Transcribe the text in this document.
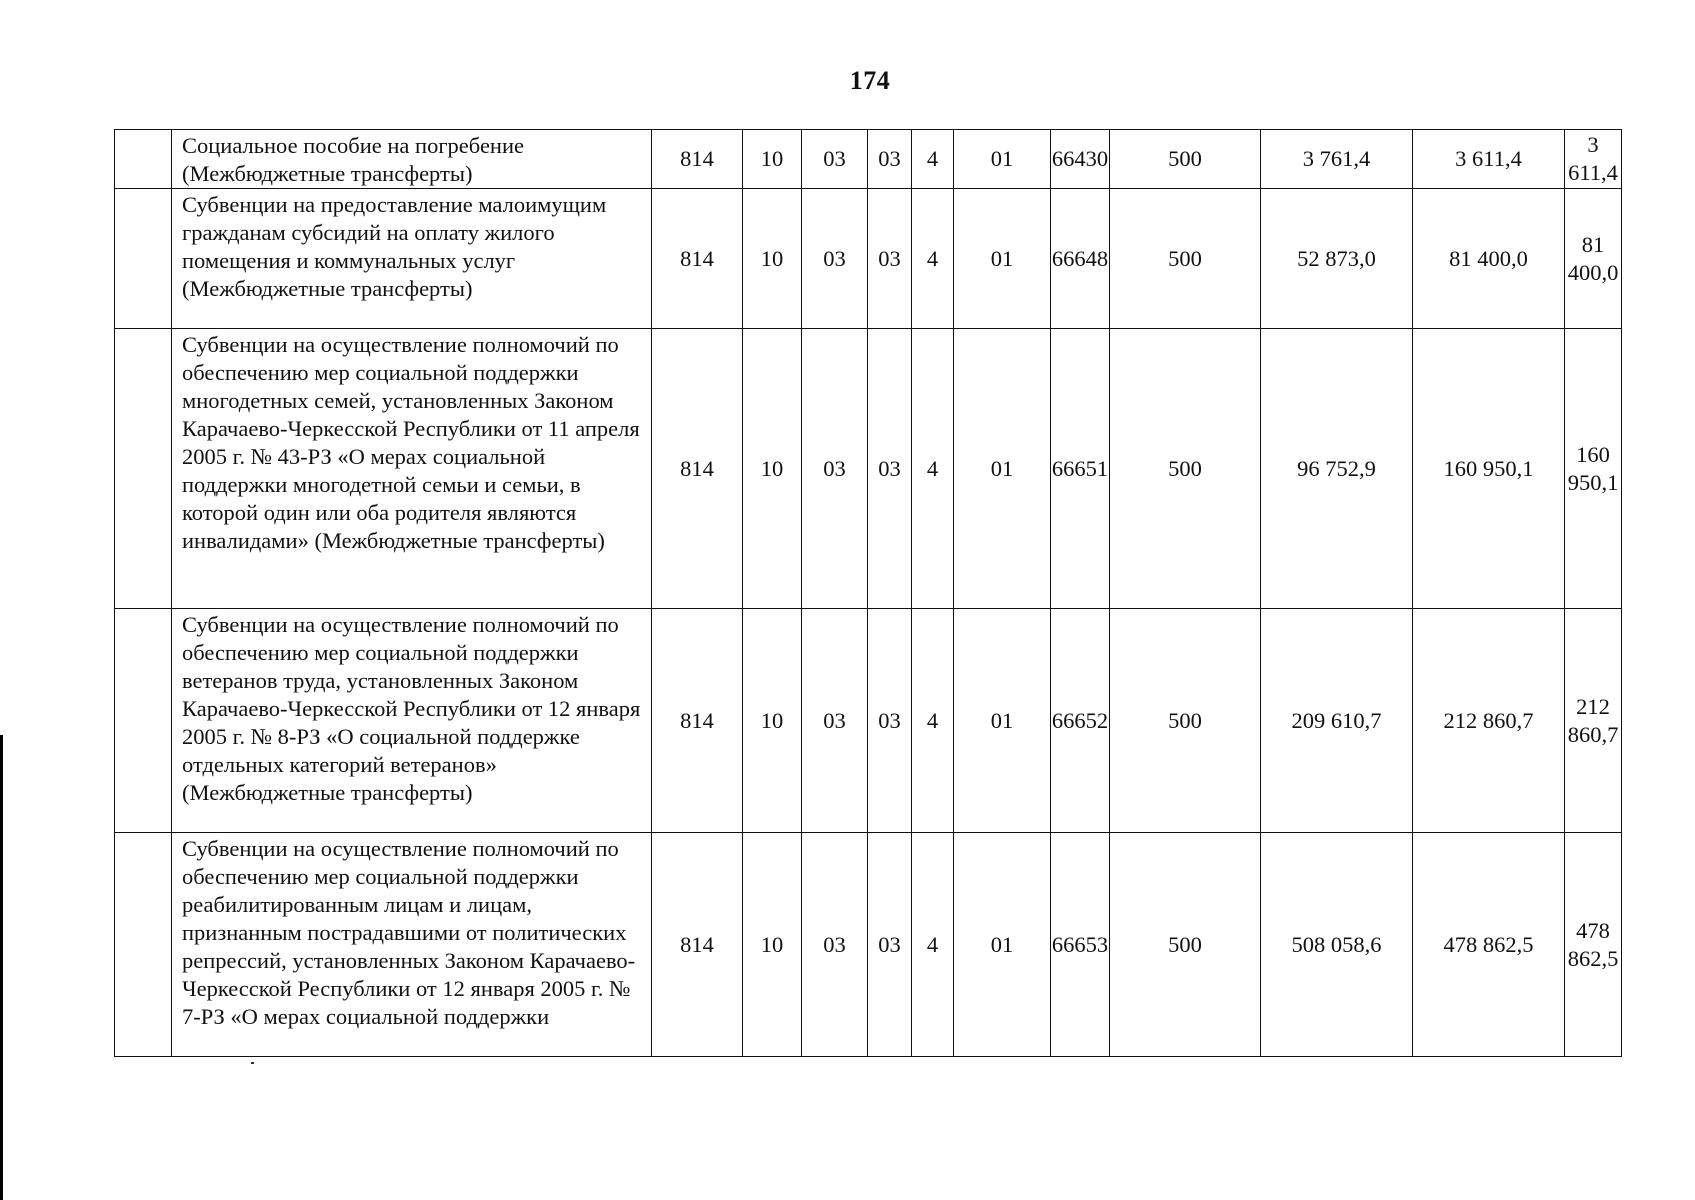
174
	Социальное пособие на погребение (Межбюджетные трансферты)	814	10	03	03	4	01	66430	500	3 761,4	3 611,4	3 611,4
	Субвенции на предоставление малоимущим гражданам субсидий на оплату жилого помещения и коммунальных услуг (Межбюджетные трансферты)	814	10	03	03	4	01	66648	500	52 873,0	81 400,0	81 400,0
	Субвенции на осуществление полномочий по обеспечению мер социальной поддержки многодетных семей, установленных Законом Карачаево-Черкесской Республики от 11 апреля 2005 г. № 43-РЗ «О мерах социальной поддержки многодетной семьи и семьи, в которой один или оба родителя являются инвалидами» (Межбюджетные трансферты)	814	10	03	03	4	01	66651	500	96 752,9	160 950,1	160 950,1
	Субвенции на осуществление полномочий по обеспечению мер социальной поддержки ветеранов труда, установленных Законом Карачаево-Черкесской Республики от 12 января 2005 г. № 8-РЗ «О социальной поддержке отдельных категорий ветеранов» (Межбюджетные трансферты)	814	10	03	03	4	01	66652	500	209 610,7	212 860,7	212 860,7
	Субвенции на осуществление полномочий по обеспечению мер социальной поддержки реабилитированным лицам и лицам, признанным пострадавшими от политических репрессий, установленных Законом Карачаево-Черкесской Республики от 12 января 2005 г. № 7-РЗ «О мерах социальной поддержки	814	10	03	03	4	01	66653	500	508 058,6	478 862,5	478 862,5
